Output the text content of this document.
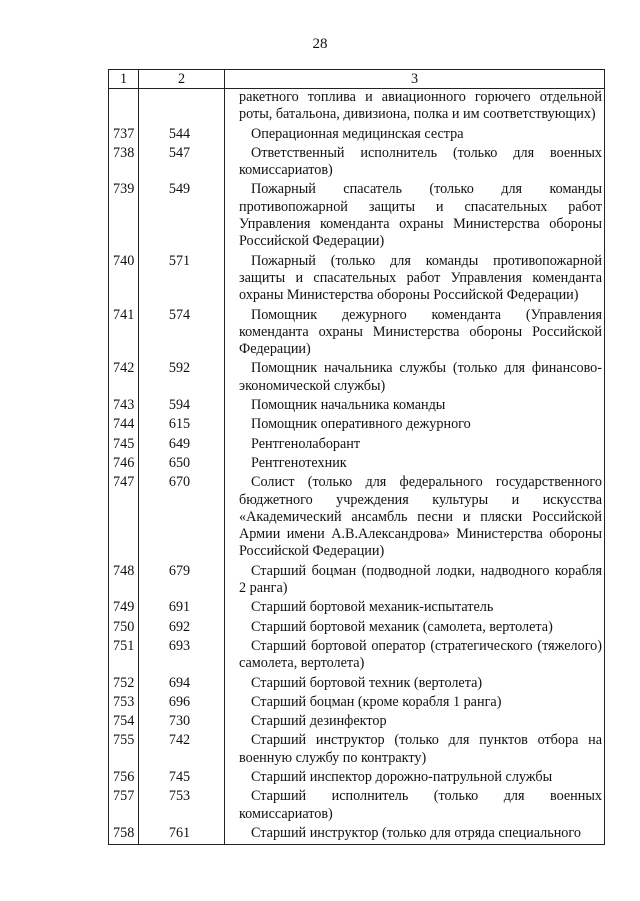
28
1	2	3
		ракетного топлива и авиационного горючего отдельной роты, батальона, дивизиона, полка и им соответствующих)
737	544	Операционная медицинская сестра
738	547	Ответственный исполнитель (только для военных комиссариатов)
739	549	Пожарный спасатель (только для команды противопожарной защиты и спасательных работ Управления коменданта охраны Министерства обороны Российской Федерации)
740	571	Пожарный (только для команды противопожарной защиты и спасательных работ Управления коменданта охраны Министерства обороны Российской Федерации)
741	574	Помощник дежурного коменданта (Управления коменданта охраны Министерства обороны Российской Федерации)
742	592	Помощник начальника службы (только для финансово-экономической службы)
743	594	Помощник начальника команды
744	615	Помощник оперативного дежурного
745	649	Рентгенолаборант
746	650	Рентгенотехник
747	670	Солист (только для федерального государственного бюджетного учреждения культуры и искусства «Академический ансамбль песни и пляски Российской Армии имени А.В.Александрова» Министерства обороны Российской Федерации)
748	679	Старший боцман (подводной лодки, надводного корабля 2 ранга)
749	691	Старший бортовой механик-испытатель
750	692	Старший бортовой механик (самолета, вертолета)
751	693	Старший бортовой оператор (стратегического (тяжелого) самолета, вертолета)
752	694	Старший бортовой техник (вертолета)
753	696	Старший боцман (кроме корабля 1 ранга)
754	730	Старший дезинфектор
755	742	Старший инструктор (только для пунктов отбора на военную службу по контракту)
756	745	Старший инспектор дорожно-патрульной службы
757	753	Старший исполнитель (только для военных комиссариатов)
758	761	Старший инструктор (только для отряда специального
